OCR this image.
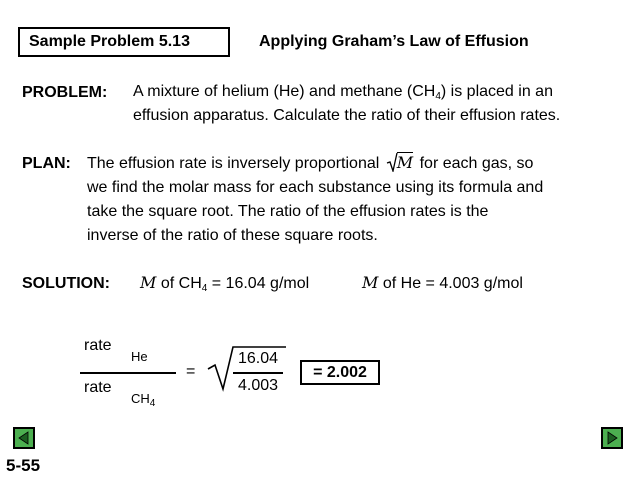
Sample Problem 5.13	Applying Graham’s Law of Effusion
PROBLEM: A mixture of helium (He) and methane $(CH_4)$ is placed in an
effusion apparatus. Calculate the ratio of their effusion rates.
PLAN: The effusion rate is inversely proportional M for each gas, so
we find the molar mass for each substance using its formula and
take the square root. The ratio of the effusion rates is the
inverse of the ratio of these square roots.
SOLUTION: M of $CH_4 = 16.04$ g/mol	M of He = 4.003 g/mol
rate
He
rate
$CH_4$
=
16.04
4.003
= 2.002
5-55
